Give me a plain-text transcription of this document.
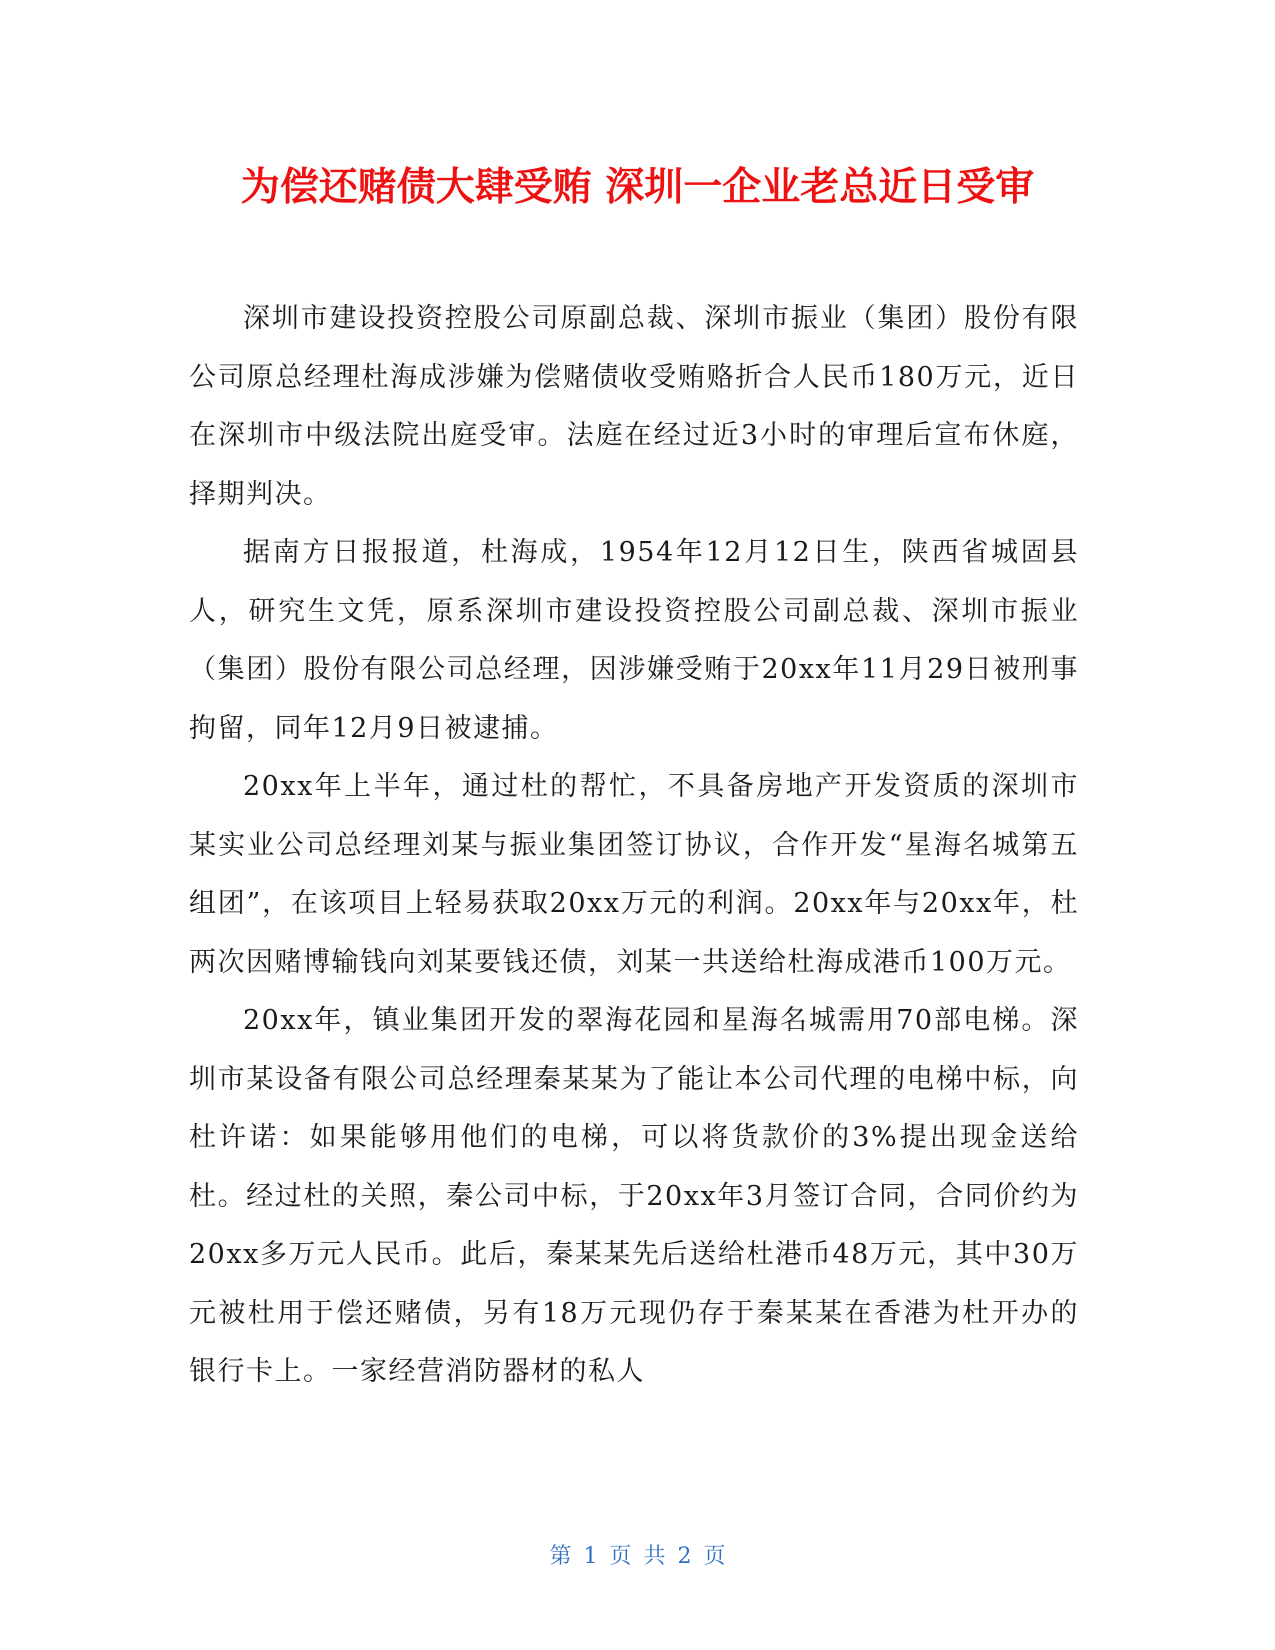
为偿还赌债大肆受贿 深圳一企业老总近日受审

深圳市建设投资控股公司原副总裁、深圳市振业（集团）股份有限公司原总经理杜海成涉嫌为偿赌债收受贿赂折合人民币180万元，近日在深圳市中级法院出庭受审。法庭在经过近3小时的审理后宣布休庭，择期判决。

据南方日报报道，杜海成，1954年12月12日生，陕西省城固县人，研究生文凭，原系深圳市建设投资控股公司副总裁、深圳市振业（集团）股份有限公司总经理，因涉嫌受贿于20xx年11月29日被刑事拘留，同年12月9日被逮捕。

20xx年上半年，通过杜的帮忙，不具备房地产开发资质的深圳市某实业公司总经理刘某与振业集团签订协议，合作开发“星海名城第五组团”，在该项目上轻易获取20xx万元的利润。20xx年与20xx年，杜两次因赌博输钱向刘某要钱还债，刘某一共送给杜海成港币100万元。

20xx年，镇业集团开发的翠海花园和星海名城需用70部电梯。深圳市某设备有限公司总经理秦某某为了能让本公司代理的电梯中标，向杜许诺：如果能够用他们的电梯，可以将货款价的3%提出现金送给杜。经过杜的关照，秦公司中标，于20xx年3月签订合同，合同价约为20xx多万元人民币。此后，秦某某先后送给杜港币48万元，其中30万元被杜用于偿还赌债，另有18万元现仍存于秦某某在香港为杜开办的银行卡上。一家经营消防器材的私人

第 1 页 共 2 页
